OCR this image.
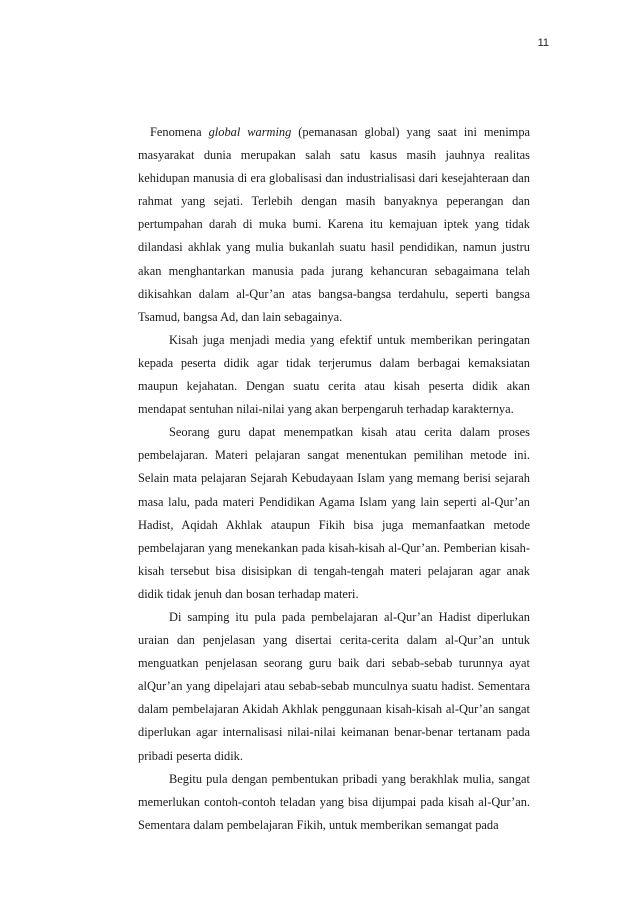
11

Fenomena global warming (pemanasan global) yang saat ini menimpa masyarakat dunia merupakan salah satu kasus masih jauhnya realitas kehidupan manusia di era globalisasi dan industrialisasi dari kesejahteraan dan rahmat yang sejati. Terlebih dengan masih banyaknya peperangan dan pertumpahan darah di muka bumi. Karena itu kemajuan iptek yang tidak dilandasi akhlak yang mulia bukanlah suatu hasil pendidikan, namun justru akan menghantarkan manusia pada jurang kehancuran sebagaimana telah dikisahkan dalam al-Qur’an atas bangsa-bangsa terdahulu, seperti bangsa Tsamud, bangsa Ad, dan lain sebagainya.

Kisah juga menjadi media yang efektif untuk memberikan peringatan kepada peserta didik agar tidak terjerumus dalam berbagai kemaksiatan maupun kejahatan. Dengan suatu cerita atau kisah peserta didik akan mendapat sentuhan nilai-nilai yang akan berpengaruh terhadap karakternya.

Seorang guru dapat menempatkan kisah atau cerita dalam proses pembelajaran. Materi pelajaran sangat menentukan pemilihan metode ini. Selain mata pelajaran Sejarah Kebudayaan Islam yang memang berisi sejarah masa lalu, pada materi Pendidikan Agama Islam yang lain seperti al-Qur’an Hadist, Aqidah Akhlak ataupun Fikih bisa juga memanfaatkan metode pembelajaran yang menekankan pada kisah-kisah al-Qur’an. Pemberian kisah-kisah tersebut bisa disisipkan di tengah-tengah materi pelajaran agar anak didik tidak jenuh dan bosan terhadap materi.

Di samping itu pula pada pembelajaran al-Qur’an Hadist diperlukan uraian dan penjelasan yang disertai cerita-cerita dalam al-Qur’an untuk menguatkan penjelasan seorang guru baik dari sebab-sebab turunnya ayat alQur’an yang dipelajari atau sebab-sebab munculnya suatu hadist. Sementara dalam pembelajaran Akidah Akhlak penggunaan kisah-kisah al-Qur’an sangat diperlukan agar internalisasi nilai-nilai keimanan benar-benar tertanam pada pribadi peserta didik.

Begitu pula dengan pembentukan pribadi yang berakhlak mulia, sangat memerlukan contoh-contoh teladan yang bisa dijumpai pada kisah al-Qur’an. Sementara dalam pembelajaran Fikih, untuk memberikan semangat pada
